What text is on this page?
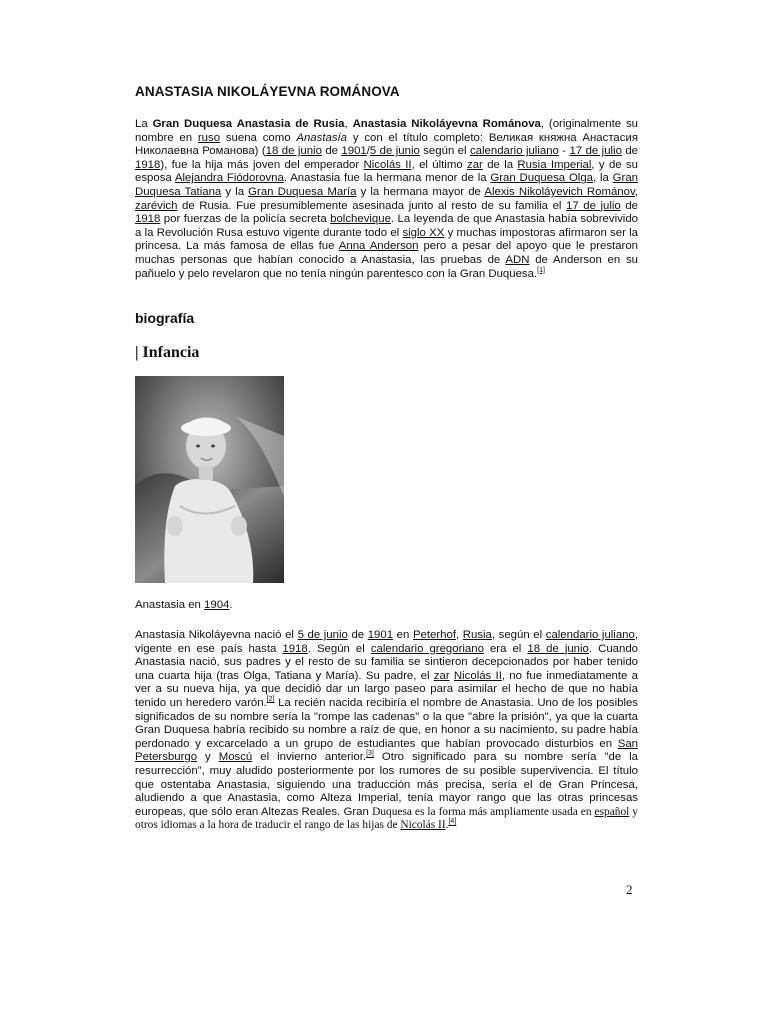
ANASTASIA NIKOLÁYEVNA ROMÁNOVA
La Gran Duquesa Anastasia de Rusia, Anastasia Nikoláyevna Románova, (originalmente su nombre en ruso suena como Anastasía y con el título completo: Великая княжна Анастасия Николаевна Романова) (18 de junio de 1901/5 de junio según el calendario juliano - 17 de julio de 1918), fue la hija más joven del emperador Nicolás II, el último zar de la Rusia Imperial, y de su esposa Alejandra Fiódorovna. Anastasia fue la hermana menor de la Gran Duquesa Olga, la Gran Duquesa Tatiana y la Gran Duquesa María y la hermana mayor de Alexis Nikoláyevich Románov, zarévich de Rusia. Fue presumiblemente asesinada junto al resto de su familia el 17 de julio de 1918 por fuerzas de la policía secreta bolchevique. La leyenda de que Anastasia había sobrevivido a la Revolución Rusa estuvo vigente durante todo el siglo XX y muchas impostoras afirmaron ser la princesa. La más famosa de ellas fue Anna Anderson pero a pesar del apoyo que le prestaron muchas personas que habían conocido a Anastasia, las pruebas de ADN de Anderson en su pañuelo y pelo revelaron que no tenía ningún parentesco con la Gran Duquesa.[1]
biografía
| Infancia
Anastasia en 1904.
Anastasia Nikoláyevna nació el 5 de junio de 1901 en Peterhof, Rusia, según el calendario juliano, vigente en ese país hasta 1918. Según el calendario gregoriano era el 18 de junio. Cuando Anastasia nació, sus padres y el resto de su familia se sintieron decepcionados por haber tenido una cuarta hija (tras Olga, Tatiana y María). Su padre, el zar Nicolás II, no fue inmediatamente a ver a su nueva hija, ya que decidió dar un largo paseo para asimilar el hecho de que no había tenido un heredero varón.[2] La recién nacida recibiría el nombre de Anastasia. Uno de los posibles significados de su nombre sería la "rompe las cadenas" o la que "abre la prisión", ya que la cuarta Gran Duquesa habría recibido su nombre a raíz de que, en honor a su nacimiento, su padre había perdonado y excarcelado a un grupo de estudiantes que habían provocado disturbios en San Petersburgo y Moscú el invierno anterior.[3] Otro significado para su nombre sería "de la resurrección", muy aludido posteriormente por los rumores de su posible supervivencia. El título que ostentaba Anastasia, siguiendo una traducción más precisa, sería el de Gran Princesa, aludiendo a que Anastasia, como Alteza Imperial, tenía mayor rango que las otras princesas europeas, que sólo eran Altezas Reales. Gran Duquesa es la forma más ampliamente usada en español y otros idiomas a la hora de traducir el rango de las hijas de Nicolás II.[4]
2
